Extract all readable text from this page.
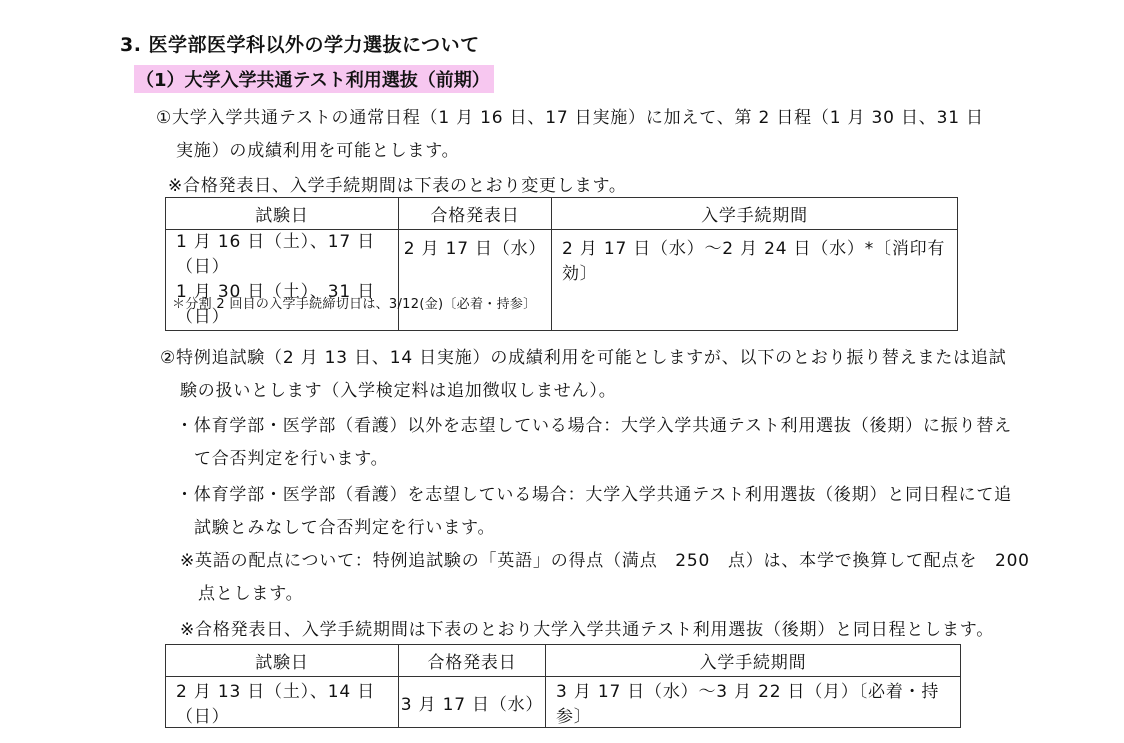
3. 医学部医学科以外の学力選抜について
（1）大学入学共通テスト利用選抜（前期）
①大学入学共通テストの通常日程（1 月 16 日、17 日実施）に加えて、第 2 日程（1 月 30 日、31 日
実施）の成績利用を可能とします。
※合格発表日、入学手続期間は下表のとおり変更します。
試験日	合格発表日	入学手続期間

1 月 16 日（土）、17 日（日）
1 月 30 日（土）、31 日（日）	2 月 17 日（水）	2 月 17 日（水）～2 月 24 日（水）*〔消印有効〕
＊分割 2 回目の入学手続締切日は、3/12(金)〔必着・持参〕
②特例追試験（2 月 13 日、14 日実施）の成績利用を可能としますが、以下のとおり振り替えまたは追試
験の扱いとします（入学検定料は追加徴収しません）。
・体育学部・医学部（看護）以外を志望している場合：大学入学共通テスト利用選抜（後期）に振り替え
て合否判定を行います。
・体育学部・医学部（看護）を志望している場合：大学入学共通テスト利用選抜（後期）と同日程にて追
試験とみなして合否判定を行います。
※英語の配点について：特例追試験の「英語」の得点（満点　250　点）は、本学で換算して配点を　200
点とします。
※合格発表日、入学手続期間は下表のとおり大学入学共通テスト利用選抜（後期）と同日程とします。
試験日	合格発表日	入学手続期間
2 月 13 日（土）、14 日（日）	3 月 17 日（水）	3 月 17 日（水）～3 月 22 日（月）〔必着・持参〕
